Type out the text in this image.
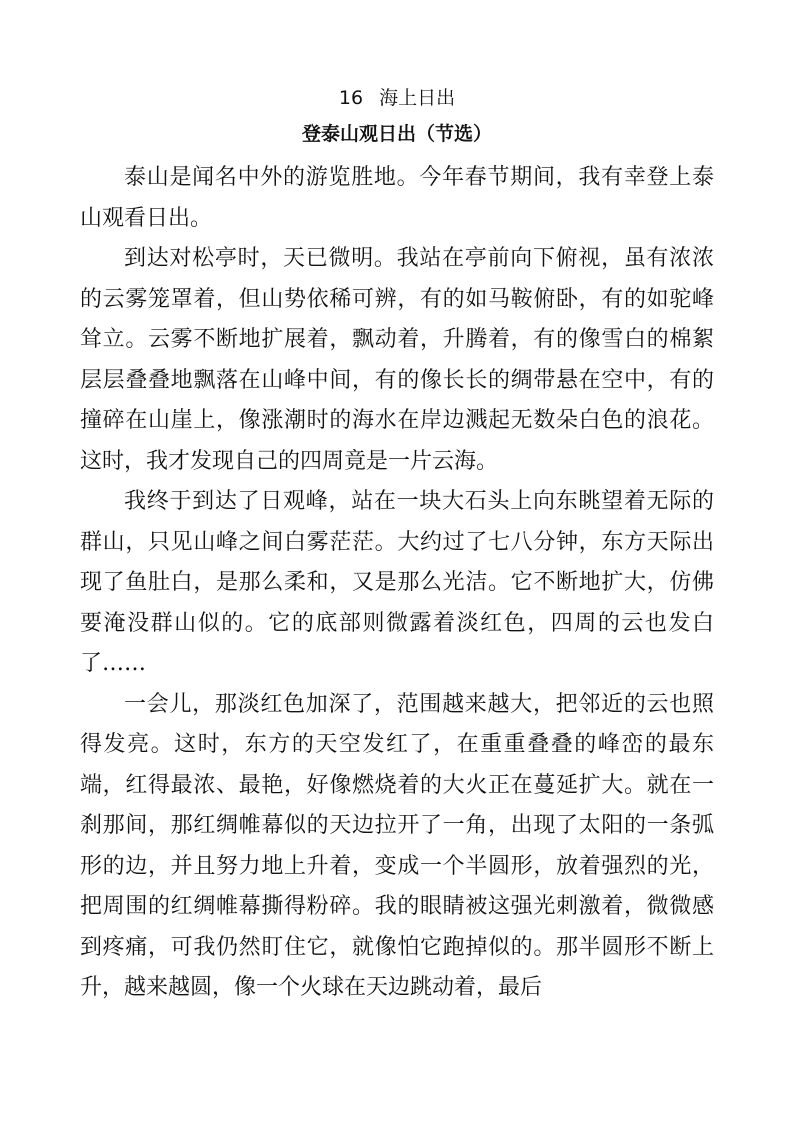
16 海上日出
登泰山观日出（节选）

泰山是闻名中外的游览胜地。今年春节期间，我有幸登上泰山观看日出。

到达对松亭时，天已微明。我站在亭前向下俯视，虽有浓浓的云雾笼罩着，但山势依稀可辨，有的如马鞍俯卧，有的如驼峰耸立。云雾不断地扩展着，飘动着，升腾着，有的像雪白的棉絮层层叠叠地飘落在山峰中间，有的像长长的绸带悬在空中，有的撞碎在山崖上，像涨潮时的海水在岸边溅起无数朵白色的浪花。这时，我才发现自己的四周竟是一片云海。

我终于到达了日观峰，站在一块大石头上向东眺望着无际的群山，只见山峰之间白雾茫茫。大约过了七八分钟，东方天际出现了鱼肚白，是那么柔和，又是那么光洁。它不断地扩大，仿佛要淹没群山似的。它的底部则微露着淡红色，四周的云也发白了……

一会儿，那淡红色加深了，范围越来越大，把邻近的云也照得发亮。这时，东方的天空发红了，在重重叠叠的峰峦的最东端，红得最浓、最艳，好像燃烧着的大火正在蔓延扩大。就在一刹那间，那红绸帷幕似的天边拉开了一角，出现了太阳的一条弧形的边，并且努力地上升着，变成一个半圆形，放着强烈的光，把周围的红绸帷幕撕得粉碎。我的眼睛被这强光刺激着，微微感到疼痛，可我仍然盯住它，就像怕它跑掉似的。那半圆形不断上升，越来越圆，像一个火球在天边跳动着，最后
